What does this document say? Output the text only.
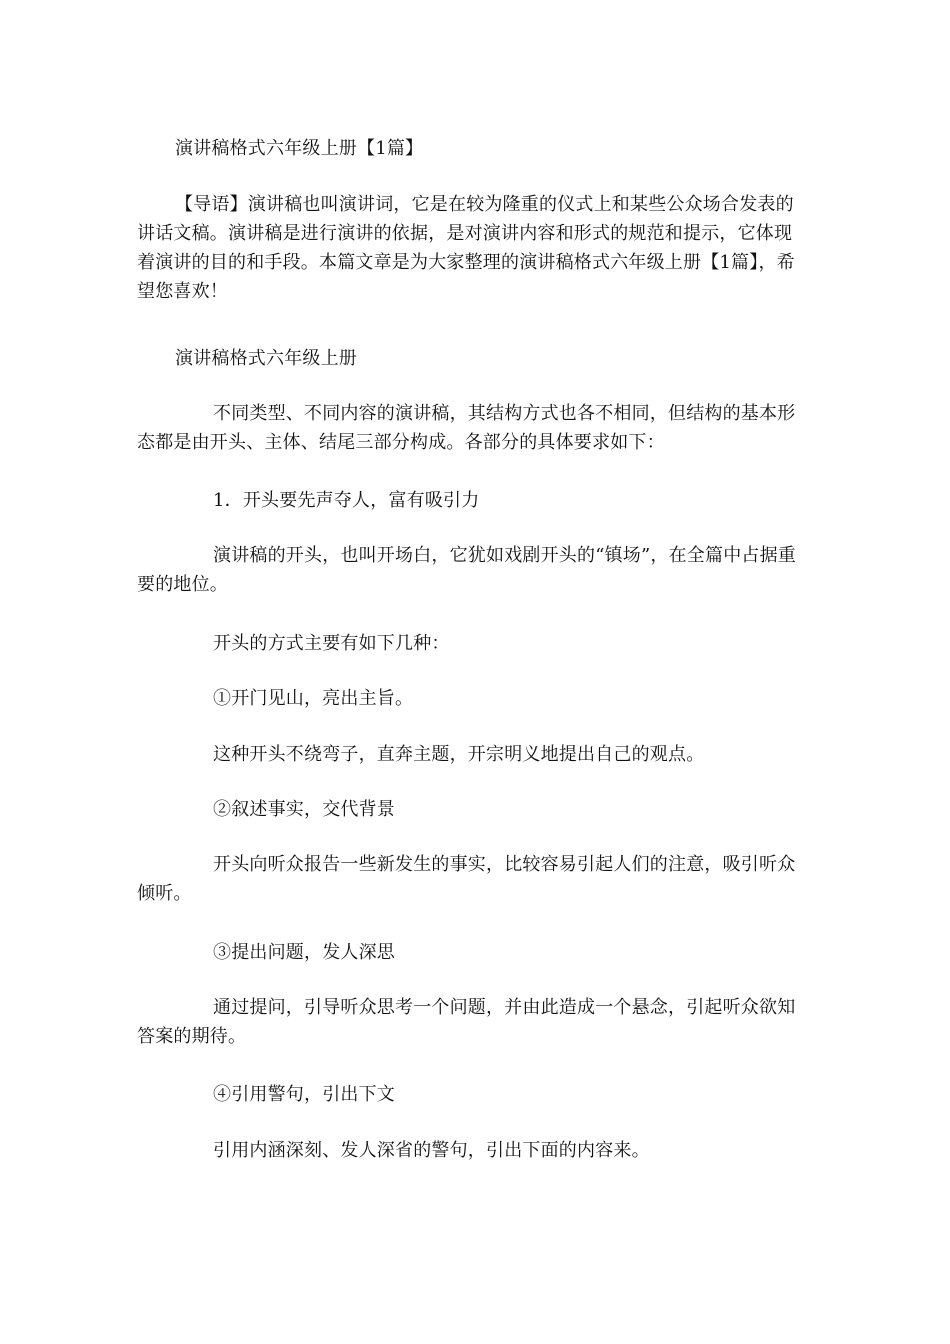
演讲稿格式六年级上册【1篇】

【导语】演讲稿也叫演讲词，它是在较为隆重的仪式上和某些公众场合发表的讲话文稿。演讲稿是进行演讲的依据，是对演讲内容和形式的规范和提示，它体现着演讲的目的和手段。本篇文章是为大家整理的演讲稿格式六年级上册【1篇】，希望您喜欢！

演讲稿格式六年级上册

不同类型、不同内容的演讲稿，其结构方式也各不相同，但结构的基本形态都是由开头、主体、结尾三部分构成。各部分的具体要求如下：

1．开头要先声夺人，富有吸引力

演讲稿的开头，也叫开场白，它犹如戏剧开头的“镇场”，在全篇中占据重要的地位。

开头的方式主要有如下几种：

①开门见山，亮出主旨。

这种开头不绕弯子，直奔主题，开宗明义地提出自己的观点。

②叙述事实，交代背景

开头向听众报告一些新发生的事实，比较容易引起人们的注意，吸引听众倾听。

③提出问题，发人深思

通过提问，引导听众思考一个问题，并由此造成一个悬念，引起听众欲知答案的期待。

④引用警句，引出下文

引用内涵深刻、发人深省的警句，引出下面的内容来。
